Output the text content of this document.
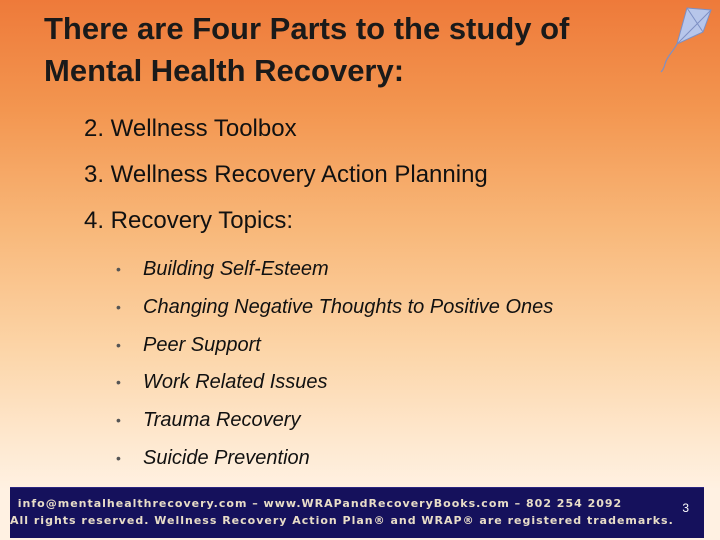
There are Four Parts to the study of
Mental Health Recovery:
2. Wellness Toolbox
3. Wellness Recovery Action Planning
4. Recovery Topics:
• Building Self-Esteem
• Changing Negative Thoughts to Positive Ones
• Peer Support
• Work Related Issues
• Trauma Recovery
• Suicide Prevention
info@mentalhealthrecovery.com – www.WRAPandRecoveryBooks.com – 802 254 2092
All rights reserved. Wellness Recovery Action Plan® and WRAP® are registered trademarks.
3
